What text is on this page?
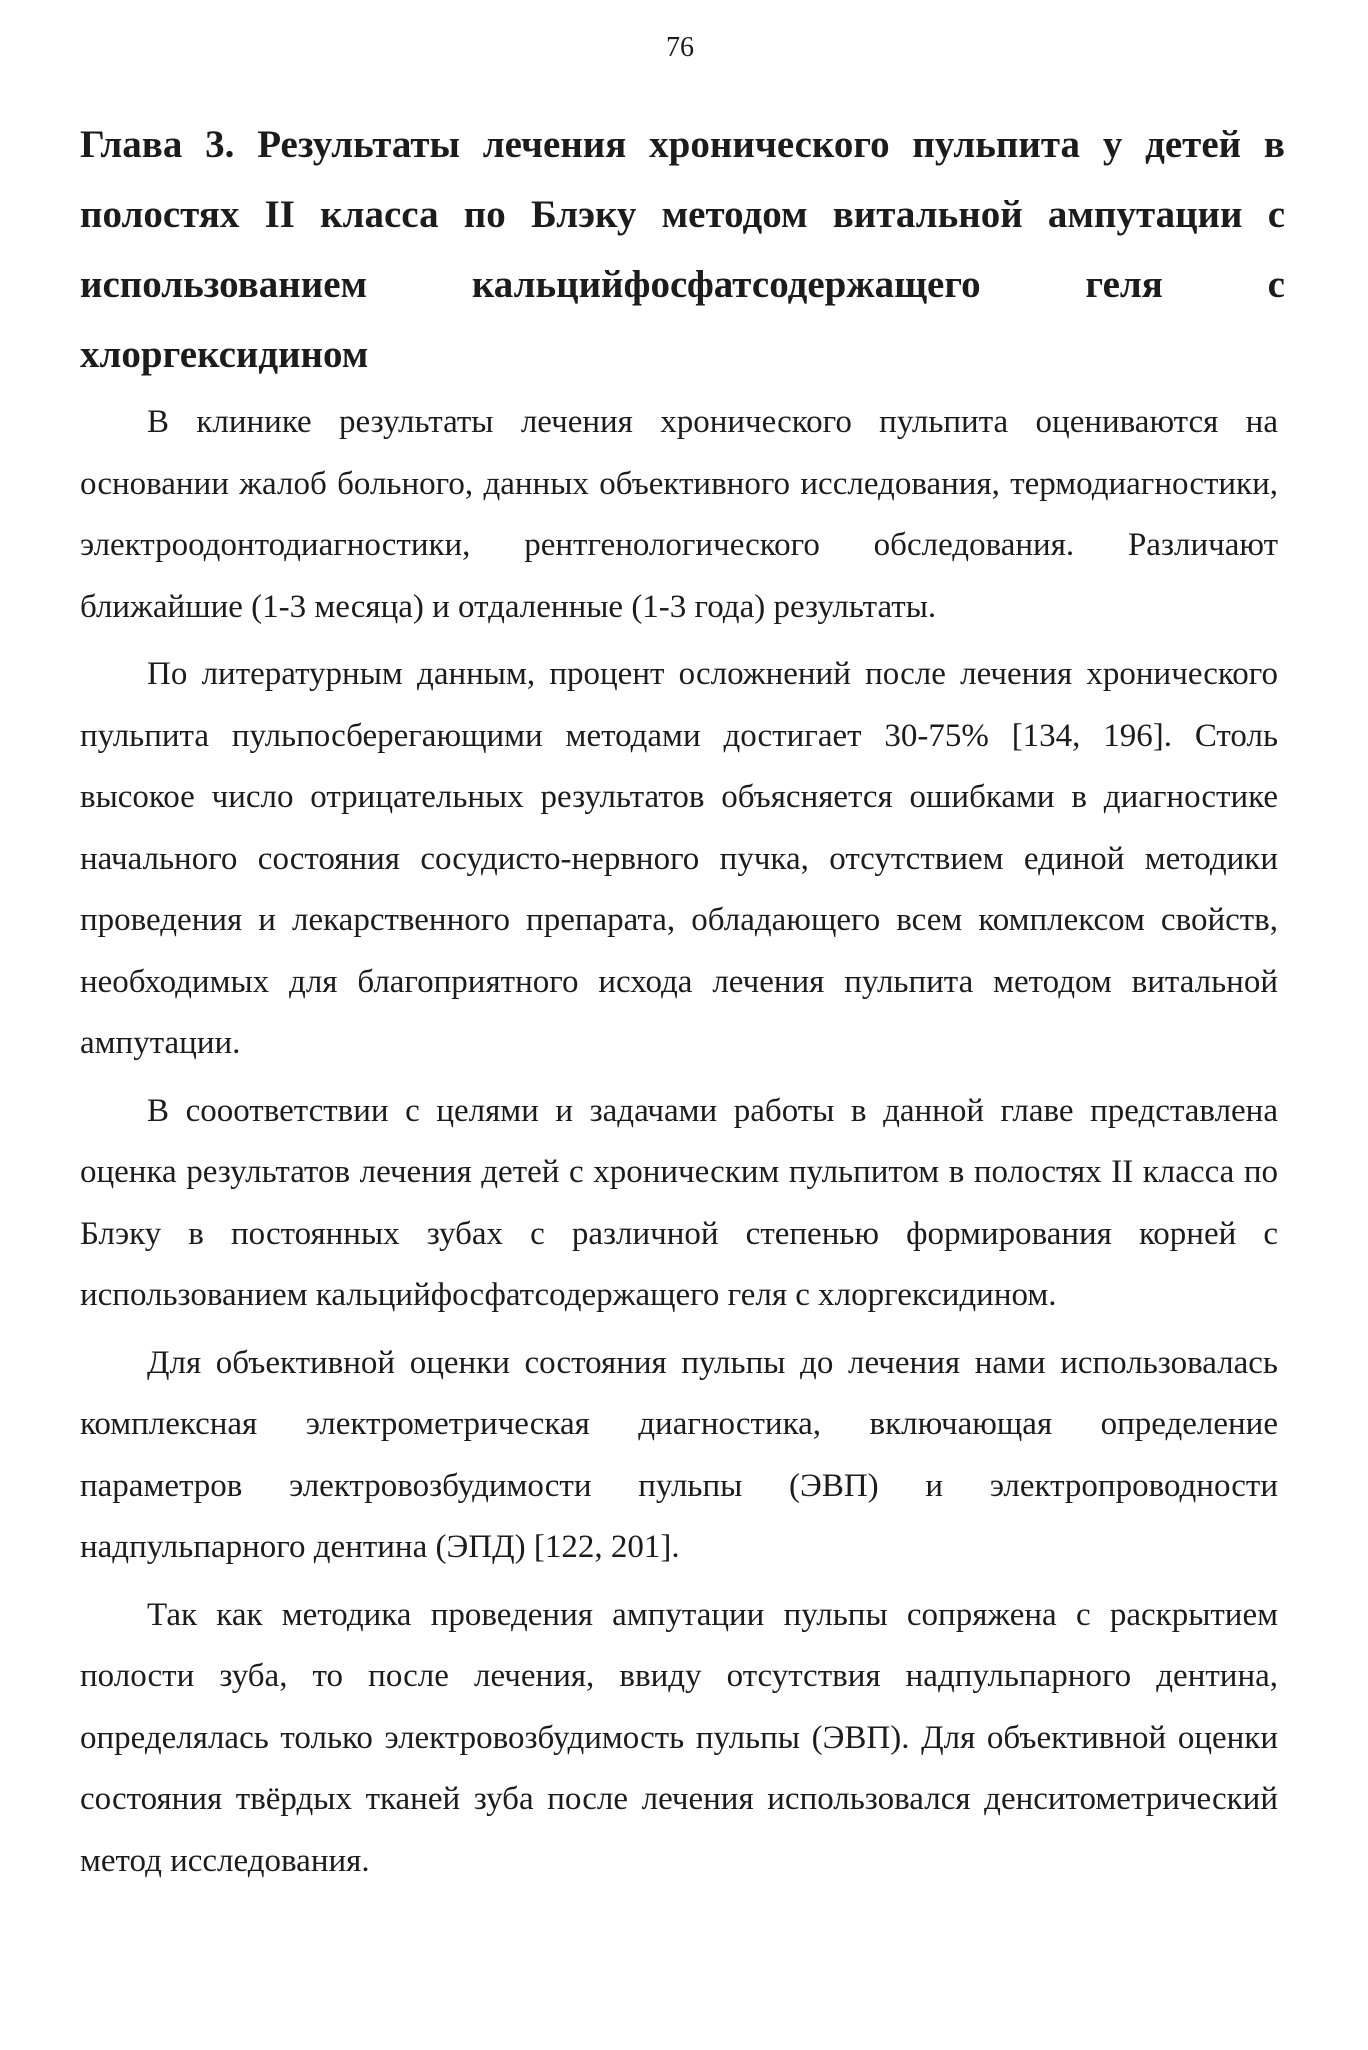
76
Глава 3. Результаты лечения хронического пульпита у детей в полостях II класса по Блэку методом витальной ампутации с использованием кальцийфосфатсодержащего геля с хлоргексидином

В клинике результаты лечения хронического пульпита оцениваются на основании жалоб больного, данных объективного исследования, термодиагностики, электроодонтодиагностики, рентгенологического обследования. Различают ближайшие (1-3 месяца) и отдаленные (1-3 года) результаты.

По литературным данным, процент осложнений после лечения хронического пульпита пульпосберегающими методами достигает 30-75% [134, 196]. Столь высокое число отрицательных результатов объясняется ошибками в диагностике начального состояния сосудисто-нервного пучка, отсутствием единой методики проведения и лекарственного препарата, обладающего всем комплексом свойств, необходимых для благоприятного исхода лечения пульпита методом витальной ампутации.

В сооответствии с целями и задачами работы в данной главе представлена оценка результатов лечения детей с хроническим пульпитом в полостях II класса по Блэку в постоянных зубах с различной степенью формирования корней с использованием кальцийфосфатсодержащего геля с хлоргексидином.

Для объективной оценки состояния пульпы до лечения нами использовалась комплексная электрометрическая диагностика, включающая определение параметров электровозбудимости пульпы (ЭВП) и электропроводности надпульпарного дентина (ЭПД) [122, 201].

Так как методика проведения ампутации пульпы сопряжена с раскрытием полости зуба, то после лечения, ввиду отсутствия надпульпарного дентина, определялась только электровозбудимость пульпы (ЭВП). Для объективной оценки состояния твёрдых тканей зуба после лечения использовался денситометрический метод исследования.
